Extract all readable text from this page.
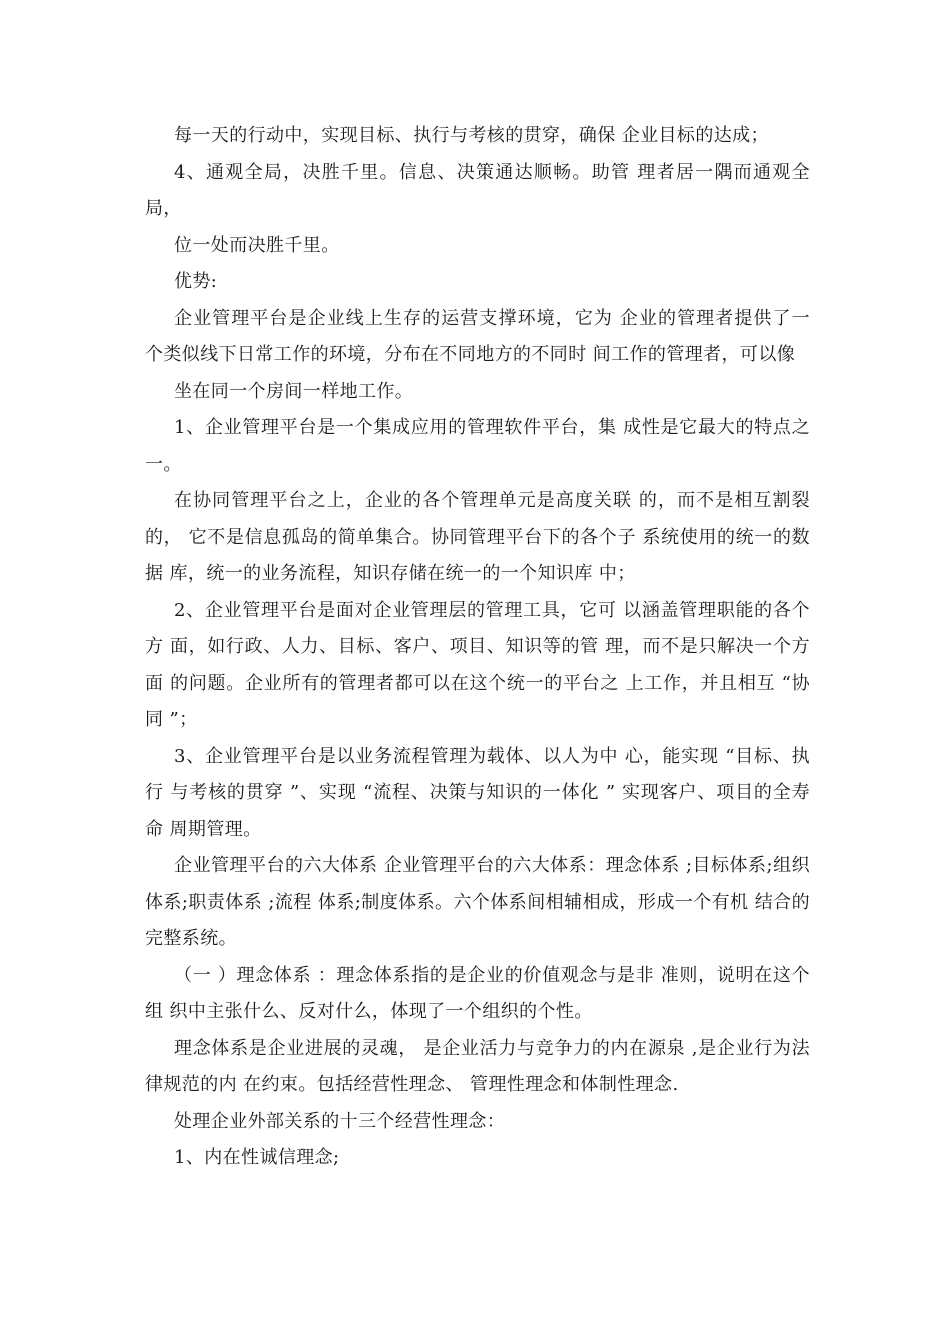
每一天的行动中，实现目标、执行与考核的贯穿，确保 企业目标的达成；

4、通观全局，决胜千里。信息、决策通达顺畅。助管 理者居一隅而通观全局，

位一处而决胜千里。

优势:

企业管理平台是企业线上生存的运营支撑环境，它为 企业的管理者提供了一 个类似线下日常工作的环境，分布在不同地方的不同时 间工作的管理者，可以像

坐在同一个房间一样地工作。

1、企业管理平台是一个集成应用的管理软件平台，集 成性是它最大的特点之一。

在协同管理平台之上，企业的各个管理单元是高度关联 的，而不是相互割裂的， 它不是信息孤岛的简单集合。协同管理平台下的各个子 系统使用的统一的数据 库，统一的业务流程，知识存储在统一的一个知识库 中；

2、企业管理平台是面对企业管理层的管理工具，它可 以涵盖管理职能的各个方 面，如行政、人力、目标、客户、项目、知识等的管 理，而不是只解决一个方面 的问题。企业所有的管理者都可以在这个统一的平台之 上工作，并且相互 “协同 ”；

3、企业管理平台是以业务流程管理为载体、以人为中 心，能实现 “目标、执行 与考核的贯穿 ”、实现 “流程、决策与知识的一体化 ” 实现客户、项目的全寿命 周期管理。

企业管理平台的六大体系 企业管理平台的六大体系：理念体系 ;目标体系;组织 体系;职责体系 ;流程 体系;制度体系。六个体系间相辅相成，形成一个有机 结合的完整系统。

（一 ）理念体系 ：理念体系指的是企业的价值观念与是非 准则，说明在这个组 织中主张什么、反对什么，体现了一个组织的个性。

理念体系是企业进展的灵魂， 是企业活力与竞争力的内在源泉 ,是企业行为法律规范的内 在约束。包括经营性理念、 管理性理念和体制性理念.

处理企业外部关系的十三个经营性理念：

1、内在性诚信理念;
